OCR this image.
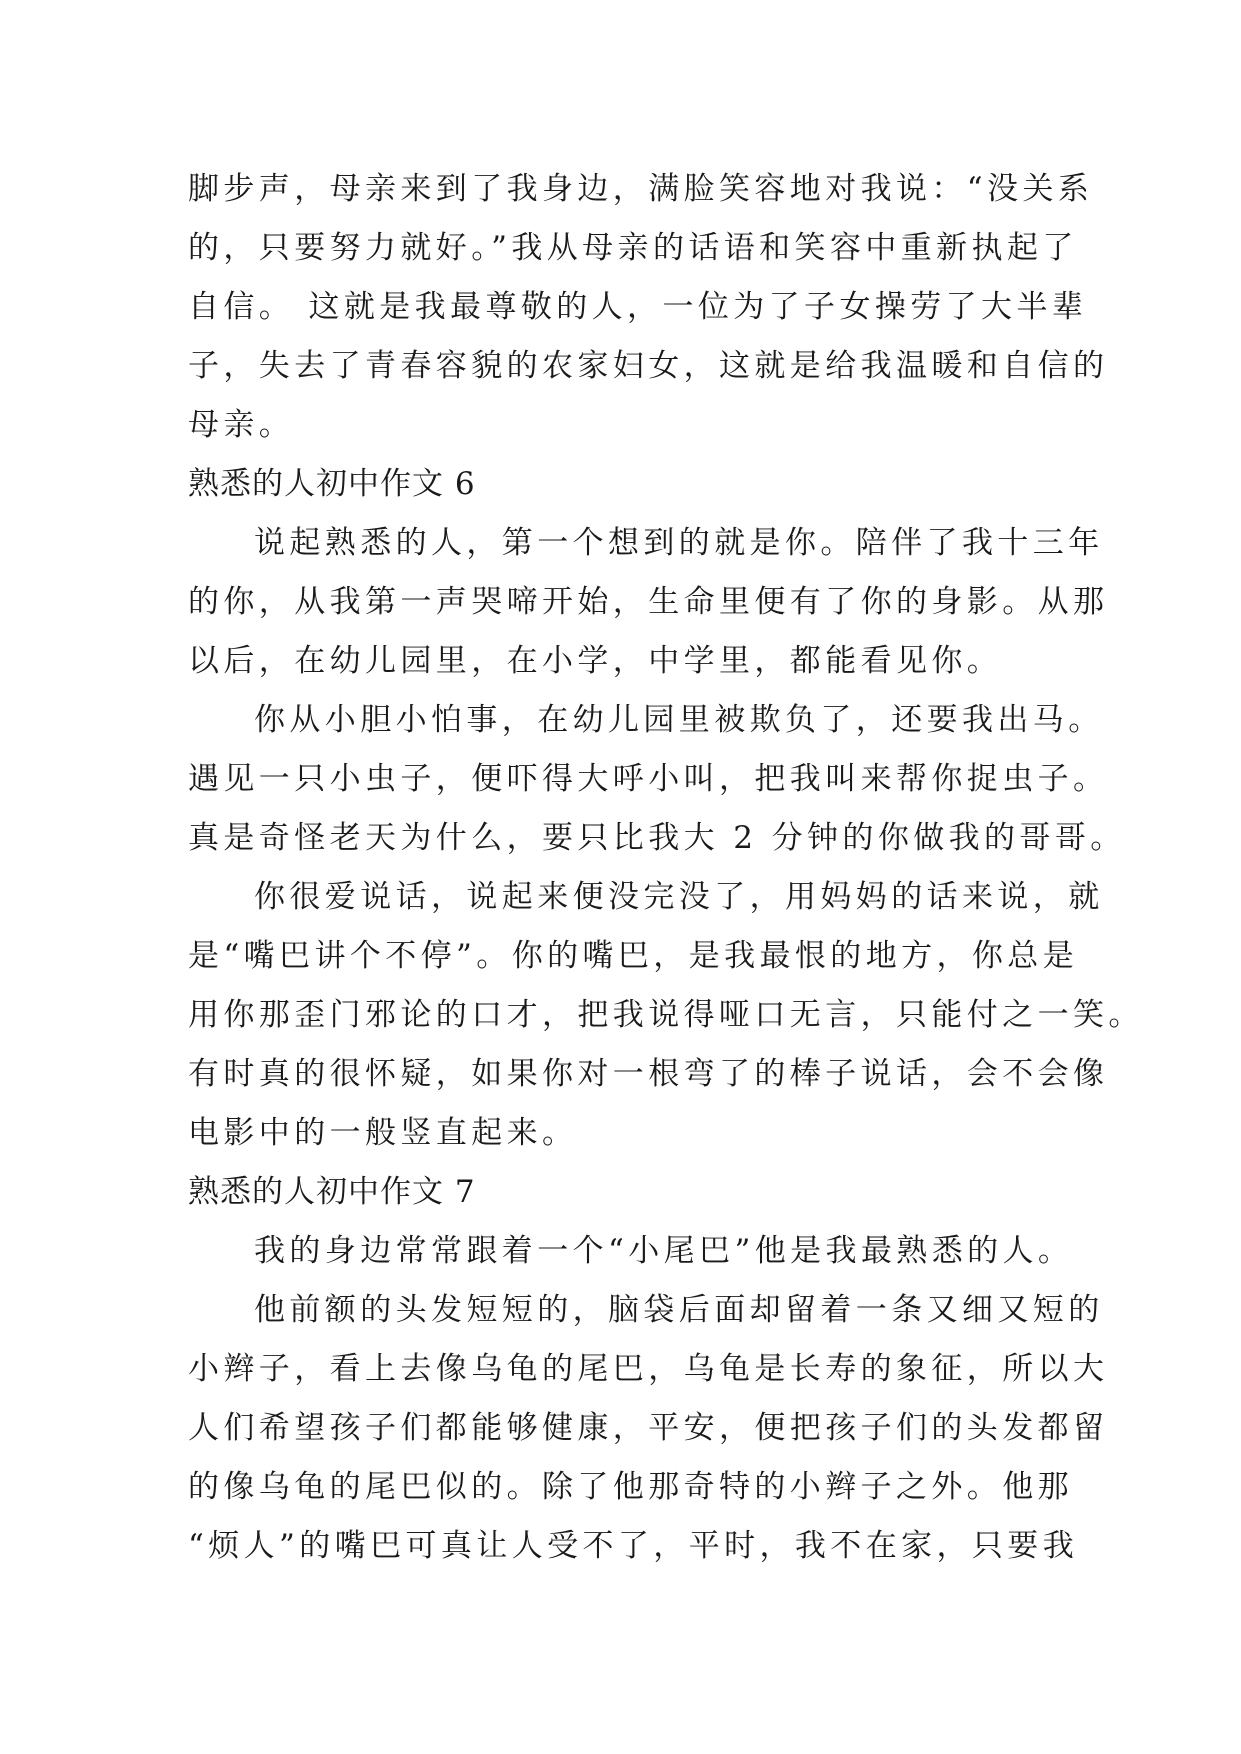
脚步声，母亲来到了我身边，满脸笑容地对我说：“没关系
的，只要努力就好。”我从母亲的话语和笑容中重新执起了
自信。 这就是我最尊敬的人，一位为了子女操劳了大半辈
子，失去了青春容貌的农家妇女，这就是给我温暖和自信的
母亲。
熟悉的人初中作文 6
说起熟悉的人，第一个想到的就是你。陪伴了我十三年
的你，从我第一声哭啼开始，生命里便有了你的身影。从那
以后，在幼儿园里，在小学，中学里，都能看见你。
你从小胆小怕事，在幼儿园里被欺负了，还要我出马。
遇见一只小虫子，便吓得大呼小叫，把我叫来帮你捉虫子。
真是奇怪老天为什么，要只比我大 2 分钟的你做我的哥哥。
你很爱说话，说起来便没完没了，用妈妈的话来说，就
是“嘴巴讲个不停”。你的嘴巴，是我最恨的地方，你总是
用你那歪门邪论的口才，把我说得哑口无言，只能付之一笑。
有时真的很怀疑，如果你对一根弯了的棒子说话，会不会像
电影中的一般竖直起来。
熟悉的人初中作文 7
我的身边常常跟着一个“小尾巴”他是我最熟悉的人。
他前额的头发短短的，脑袋后面却留着一条又细又短的
小辫子，看上去像乌龟的尾巴，乌龟是长寿的象征，所以大
人们希望孩子们都能够健康，平安，便把孩子们的头发都留
的像乌龟的尾巴似的。除了他那奇特的小辫子之外。他那
“烦人”的嘴巴可真让人受不了，平时，我不在家，只要我
